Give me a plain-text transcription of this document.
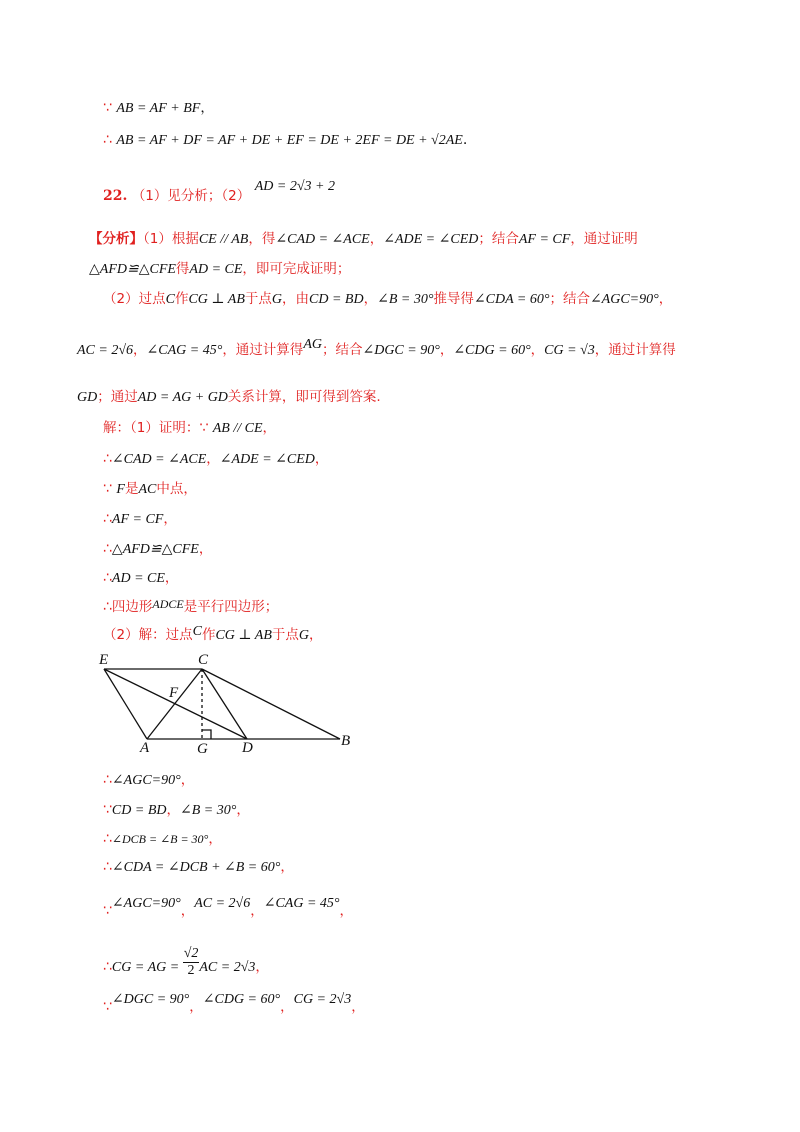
∵ AB = AF + BF，
∴ AB = AF + DF = AF + DE + EF = DE + 2EF = DE + √2AE.
22. （1）见分析；（2） AD = 2√3 + 2
【分析】（1）根据CE // AB，得∠CAD = ∠ACE，∠ADE = ∠CED；结合AF = CF，通过证明
△AFD≌△CFE得AD = CE，即可完成证明；
（2）过点C作CG ⊥ AB于点G，由CD = BD，∠B = 30°推导得∠CDA = 60°；结合∠AGC=90°，
AC = 2√6，∠CAG = 45°，通过计算得AG；结合∠DGC = 90°，∠CDG = 60°，CG = √3，通过计算得
GD；通过AD = AG + GD关系计算，即可得到答案.
解：（1）证明：∵ AB // CE，
∴∠CAD = ∠ACE，∠ADE = ∠CED，
∵ F是AC中点，
∴AF = CF，
∴△AFD≌△CFE，
∴AD = CE，
∴四边形ADCE是平行四边形；
（2）解：过点C作CG ⊥ AB于点G，
E	C
F
A	G D	B
∴∠AGC=90°，
∵CD = BD，∠B = 30°，
∴∠DCB = ∠B = 30°，
∴∠CDA = ∠DCB + ∠B = 60°，
∵∠AGC=90°，AC = 2√6，∠CAG = 45°，
∴CG = AG = $\frac{√2}{2}$ AC = 2√3，
∵∠DGC = 90°，∠CDG = 60°，CG = 2√3，
